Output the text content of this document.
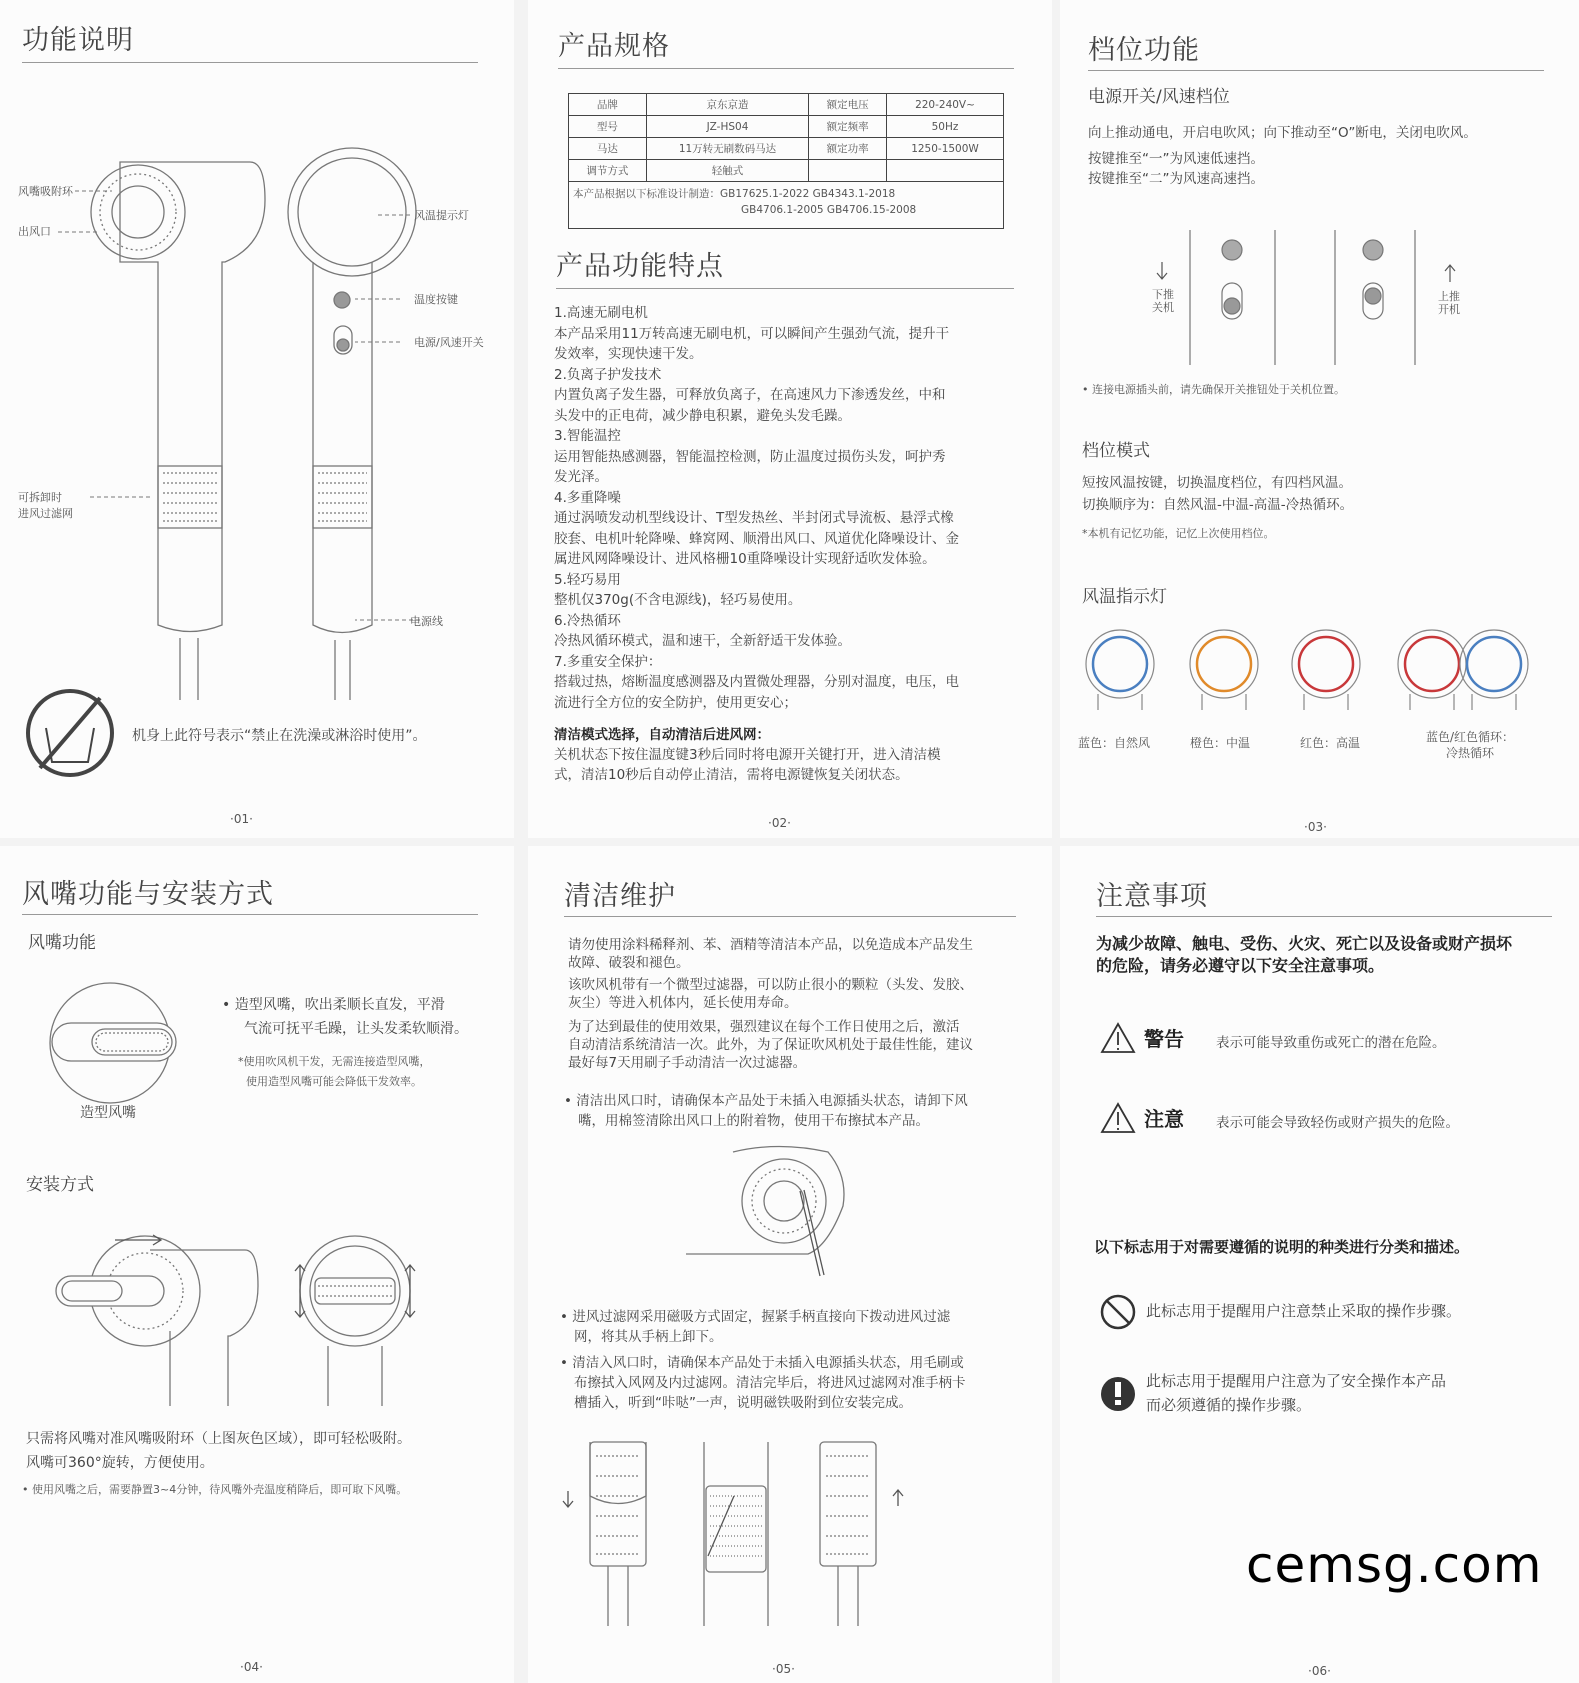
功能说明
风嘴吸附环
出风口
风温提示灯
温度按键
电源/风速开关
可拆卸时
进风过滤网
电源线
机身上此符号表示“禁止在洗澡或淋浴时使用”。
·01·
产品规格
品牌	京东京造	额定电压	220-240V~
型号	JZ-HS04	额定频率	50Hz
马达	11万转无刷数码马达	额定功率	1250-1500W
调节方式	轻触式		
本产品根据以下标准设计制造：GB17625.1-2022 GB4343.1-2018
GB4706.1-2005 GB4706.15-2008			
产品功能特点
1.高速无刷电机
本产品采用11万转高速无刷电机，可以瞬间产生强劲气流，提升干
发效率，实现快速干发。
2.负离子护发技术
内置负离子发生器，可释放负离子，在高速风力下渗透发丝，中和
头发中的正电荷，减少静电积累，避免头发毛躁。
3.智能温控
运用智能热感测器，智能温控检测，防止温度过损伤头发，呵护秀
发光泽。
4.多重降噪
通过涡喷发动机型线设计、T型发热丝、半封闭式导流板、悬浮式橡
胶套、电机叶轮降噪、蜂窝网、顺滑出风口、风道优化降噪设计、金
属进风网降噪设计、进风格栅10重降噪设计实现舒适吹发体验。
5.轻巧易用
整机仅370g(不含电源线)，轻巧易使用。
6.冷热循环
冷热风循环模式，温和速干，全新舒适干发体验。
7.多重安全保护：
搭载过热，熔断温度感测器及内置微处理器，分别对温度，电压，电
流进行全方位的安全防护，使用更安心；
清洁模式选择，自动清洁后进风网：
关机状态下按住温度键3秒后同时将电源开关键打开，进入清洁模
式，清洁10秒后自动停止清洁，需将电源键恢复关闭状态。
·02·
档位功能
电源开关/风速档位
向上推动通电，开启电吹风；向下推动至“O”断电，关闭电吹风。
按键推至“一”为风速低速挡。
按键推至“二”为风速高速挡。
下推
关机
上推
开机
• 连接电源插头前，请先确保开关推钮处于关机位置。
档位模式
短按风温按键，切换温度档位，有四档风温。
切换顺序为：自然风温-中温-高温-冷热循环。
*本机有记忆功能，记忆上次使用档位。
风温指示灯
蓝色：自然风	橙色：中温	红色：高温	蓝色/红色循环：
冷热循环
·03·
风嘴功能与安装方式
风嘴功能
• 造型风嘴，吹出柔顺长直发，平滑
气流可抚平毛躁，让头发柔软顺滑。
*使用吹风机干发，无需连接造型风嘴，
使用造型风嘴可能会降低干发效率。
造型风嘴
安装方式
只需将风嘴对准风嘴吸附环（上图灰色区域），即可轻松吸附。
风嘴可360°旋转，方便使用。
• 使用风嘴之后，需要静置3~4分钟，待风嘴外壳温度稍降后，即可取下风嘴。
·04·
清洁维护
请勿使用涂料稀释剂、苯、酒精等清洁本产品，以免造成本产品发生
故障、破裂和褪色。
该吹风机带有一个微型过滤器，可以防止很小的颗粒（头发、发胶、
灰尘）等进入机体内，延长使用寿命。
为了达到最佳的使用效果，强烈建议在每个工作日使用之后，激活
自动清洁系统清洁一次。此外，为了保证吹风机处于最佳性能，建议
最好每7天用刷子手动清洁一次过滤器。
• 清洁出风口时，请确保本产品处于未插入电源插头状态，请卸下风
嘴，用棉签清除出风口上的附着物，使用干布擦拭本产品。
• 进风过滤网采用磁吸方式固定，握紧手柄直接向下拨动进风过滤
网，将其从手柄上卸下。
• 清洁入风口时，请确保本产品处于未插入电源插头状态，用毛刷或
布擦拭入风网及内过滤网。清洁完毕后，将进风过滤网对准手柄卡
槽插入，听到“咔哒”一声，说明磁铁吸附到位安装完成。
·05·
注意事项
为减少故障、触电、受伤、火灾、死亡以及设备或财产损坏
的危险，请务必遵守以下安全注意事项。
警告 表示可能导致重伤或死亡的潜在危险。
注意 表示可能会导致轻伤或财产损失的危险。
以下标志用于对需要遵循的说明的种类进行分类和描述。
此标志用于提醒用户注意禁止采取的操作步骤。
此标志用于提醒用户注意为了安全操作本产品
而必须遵循的操作步骤。
cemsg.com
·06·
